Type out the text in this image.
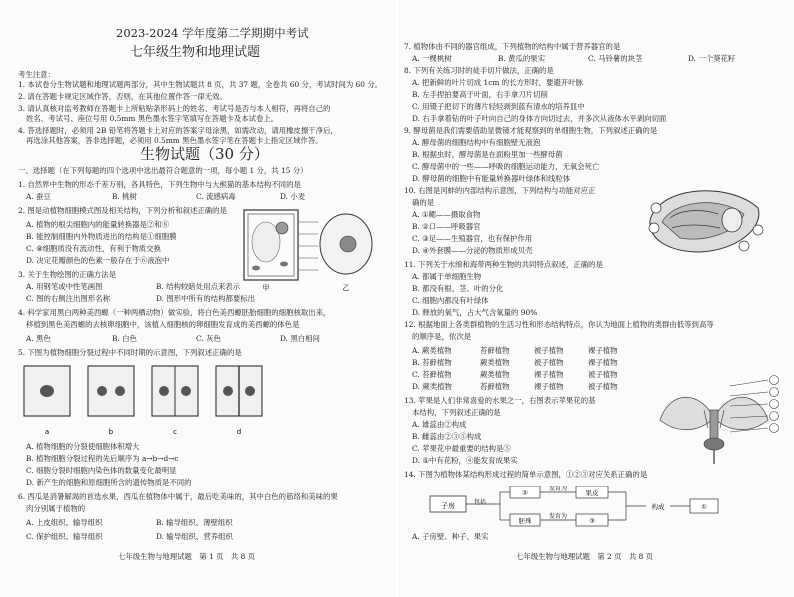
2023-2024 学年度第二学期期中考试
七年级生物和地理试题
考生注意：
1. 本试卷分生物试题和地理试题两部分，其中生物试题共 8 页，共 37 题，全卷共 60 分，考试时间为 60 分。
2. 请在答题卡规定区域作答，否则，在其他位置作答一律无效。
3. 请认真核对监考教师在答题卡上所粘贴条形码上的姓名、考试号是否与本人相符，再将自己的
姓名、考试号、座位号用 0.5mm 黑色墨水签字笔填写在答题卡及本试卷上。
4. 答选择题时，必须用 2B 铅笔将答题卡上对应的答案字母涂黑，如需改动，请用橡皮擦干净后，
再选涂其他答案，答非选择题，必须用 0.5mm 黑色墨水签字笔在答题卡上指定区域作答。
生物试题（30 分）
一、选择题（在下列每题的四个选项中选出最符合题意的一项，每小题 1 分，共 15 分）
1. 自然界中生物的形态千差万别，各具特色，下列生物中与大熊猫的基本结构不同的是
A. 蚕豆	B. 桃树	C. 流感病毒	D. 小麦
2. 图是动植物细胞模式图及相关结构，下列分析和叙述正确的是
A. 植物的根尖细胞内的能量转换器是②和⑧
B. 能控制细胞内外物质进出的结构是①细胞膜
C. ⑧细胞质没有流动性，有利于物质交换
D. 决定花瓣颜色的色素一般存在于⑥液泡中
甲	乙
3. 关于生物绘图的正确方法是
A. 用钢笔或中性笔画图	B. 结构较暗处用点来表示
C. 图的右侧注出图形名称	D. 图形中所有的结构都要标出
4. 科学家用黑白两种美西螈（一种两栖动物）做实验，将白色美西螈胚胎细胞的细胞核取出来，
移植到黑色美西螈的去核卵细胞中，该植入细胞核的卵细胞发育成的美西螈的体色是
A. 黑色	B. 白色	C. 灰色	D. 黑白相间
5. 下图为植物细胞分裂过程中不同时期的示意图，下列叙述正确的是
a	b	c	d
A. 植物细胞的分裂使细胞体积增大
B. 植物细胞分裂过程的先后顺序为 a→b→d→c
C. 细胞分裂时细胞内染色体的数量变化最明显
D. 新产生的细胞和原细胞所含的遗传物质是不同的
6. 西瓜是消暑解渴的首选水果，西瓜在植物体中属于，最后吃美味的，其中白色的筋络和美味的果
肉分别属于植物的
A. 上皮组织、输导组织	B. 输导组织、薄壁组织
C. 保护组织、输导组织	D. 输导组织、营养组织
七年级生物与地理试题　第 1 页　共 8 页
7. 植物体由不同的器官组成，下列植物的结构中属于营养器官的是
A. 一棵桃树	B. 黄瓜的果实	C. 马铃薯的块茎	D. 一个葵花籽
8. 下列有关练习时的徒手切片做法，正确的是
A. 把新鲜的叶片切成 1cm 的长方形时，要避开叶脉
B. 左手捏拍要高于叶面，右手拿刀片切削
C. 用镊子把切下的薄片轻轻剥到蓝有清水的培养皿中
D. 右手拿着钻的叶子叶向自己的身体方向切过去，并多次从液体水平剥向切面
9. 酵母菌是我们需要借助显微镜才能观察到的单细胞生物，下列叙述正确的是
A. 酵母菌的细胞结构中有细胞壁无液泡
B. 根据虫时，酵母菌是在面粉里加一些酵母菌
C. 酵母菌中的一些——呼吸的细胞运动能力，无氧会死亡
D. 酵母菌的细胞中有能量转换器叶绿体和线粒体
10. 右图是河蚌的内部结构示意图，下列结构与功能对应正
确的是
A. ①鳃——摄取食物
B. ②口——呼吸器官
C. ③足——生殖器官，也有保护作用
D. ④外套膜——分泌的物质形成贝壳
11. 下列关于水绵和海带两种生物的共同特点叙述，正确的是
A. 都属于单细胞生物
B. 都没有根、茎、叶的分化
C. 细胞内都没有叶绿体
D. 释放的氧气，占大气含氧量的 90%
12. 根据地面上各类群植物的生活习性和形态结构特点，你认为地面上植物的类群由低等到高等
的顺序是，依次是
A. 蕨类植物	苔藓植物	被子植物	裸子植物
B. 苔藓植物	蕨类植物	被子植物	裸子植物
C. 苔藓植物	蕨类植物	裸子植物	被子植物
D. 蕨类植物	苔藓植物	裸子植物	被子植物
13. 苹果是人们非常喜爱的水果之一，右图表示苹果花的基
本结构，下列叙述正确的是
A. 雄蕊由②构成
B. 雌蕊由②③⑤构成
C. 苹果花中最重要的结构是⑤
D. ⑤中有花粉，④能发育成果实
14. 下图为植物体某结构形成过程的简单示意图，①②③对应关系正确的是
子房	包括
②
胚珠
发育为
发育为
果皮
③
构成	①
A. 子房壁、种子、果实
七年级生物与地理试题　第 2 页　共 8 页
